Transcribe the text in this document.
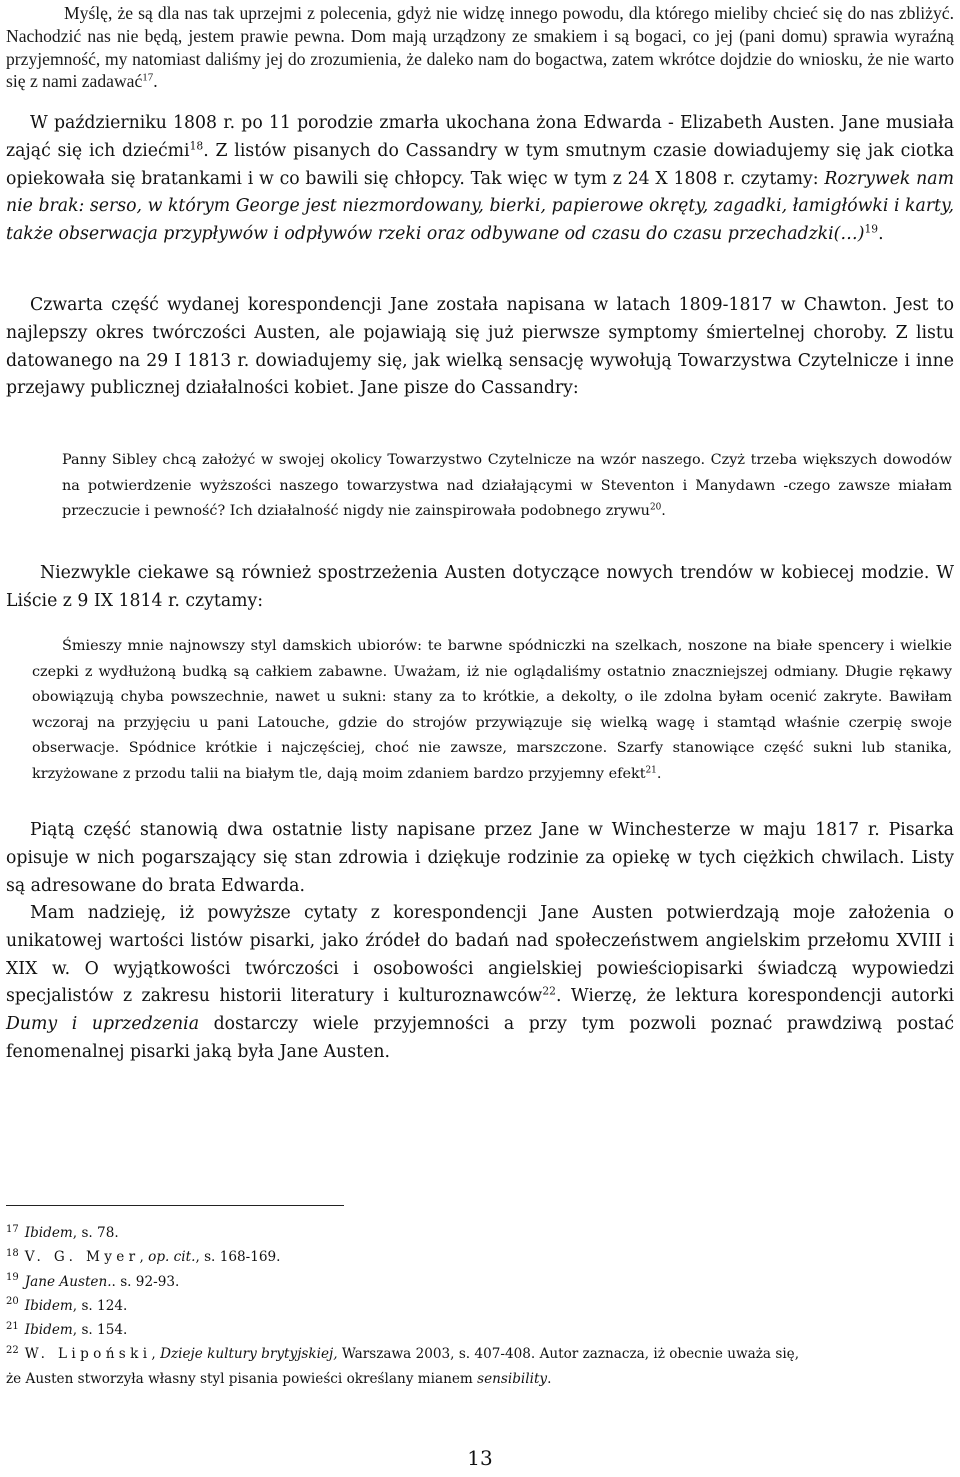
Myślę, że są dla nas tak uprzejmi z polecenia, gdyż nie widzę innego powodu, dla którego mieliby chcieć się do nas zbliżyć. Nachodzić nas nie będą, jestem prawie pewna. Dom mają urządzony ze smakiem i są bogaci, co jej (pani domu) sprawia wyraźną przyjemność, my natomiast daliśmy jej do zrozumienia, że daleko nam do bogactwa, zatem wkrótce dojdzie do wniosku, że nie warto się z nami zadawać$^{17}$.

W październiku 1808 r. po 11 porodzie zmarła ukochana żona Edwarda - Elizabeth Austen. Jane musiała zająć się ich dziećmi$^{18}$. Z listów pisanych do Cassandry w tym smutnym czasie dowiadujemy się jak ciotka opiekowała się bratankami i w co bawili się chłopcy. Tak więc w tym z 24 X 1808 r. czytamy: Rozrywek nam nie brak: serso, w którym George jest niezmordowany, bierki, papierowe okręty, zagadki, łamigłówki i karty, także obserwacja przypływów i odpływów rzeki oraz odbywane od czasu do czasu przechadzki(…)$^{19}$.

Czwarta część wydanej korespondencji Jane została napisana w latach 1809-1817 w Chawton. Jest to najlepszy okres twórczości Austen, ale pojawiają się już pierwsze symptomy śmiertelnej choroby. Z listu datowanego na 29 I 1813 r. dowiadujemy się, jak wielką sensację wywołują Towarzystwa Czytelnicze i inne przejawy publicznej działalności kobiet. Jane pisze do Cassandry:

Panny Sibley chcą założyć w swojej okolicy Towarzystwo Czytelnicze na wzór naszego. Czyż trzeba większych dowodów na potwierdzenie wyższości naszego towarzystwa nad działającymi w Steventon i Manydawn -czego zawsze miałam przeczucie i pewność? Ich działalność nigdy nie zainspirowała podobnego zrywu$^{20}$.

Niezwykle ciekawe są również spostrzeżenia Austen dotyczące nowych trendów w kobiecej modzie. W Liście z 9 IX 1814 r. czytamy:

Śmieszy mnie najnowszy styl damskich ubiorów: te barwne spódniczki na szelkach, noszone na białe spencery i wielkie czepki z wydłużoną budką są całkiem zabawne. Uważam, iż nie oglądaliśmy ostatnio znaczniejszej odmiany. Długie rękawy obowiązują chyba powszechnie, nawet u sukni: stany za to krótkie, a dekolty, o ile zdolna byłam ocenić zakryte. Bawiłam wczoraj na przyjęciu u pani Latouche, gdzie do strojów przywiązuje się wielką wagę i stamtąd właśnie czerpię swoje obserwacje. Spódnice krótkie i najczęściej, choć nie zawsze, marszczone. Szarfy stanowiące część sukni lub stanika, krzyżowane z przodu talii na białym tle, dają moim zdaniem bardzo przyjemny efekt$^{21}$.

Piątą część stanowią dwa ostatnie listy napisane przez Jane w Winchesterze w maju 1817 r. Pisarka opisuje w nich pogarszający się stan zdrowia i dziękuje rodzinie za opiekę w tych ciężkich chwilach. Listy są adresowane do brata Edwarda.

Mam nadzieję, iż powyższe cytaty z korespondencji Jane Austen potwierdzają moje założenia o unikatowej wartości listów pisarki, jako źródeł do badań nad społeczeństwem angielskim przełomu XVIII i XIX w. O wyjątkowości twórczości i osobowości angielskiej powieściopisarki świadczą wypowiedzi specjalistów z zakresu historii literatury i kulturoznawców$^{22}$. Wierzę, że lektura korespondencji autorki Dumy i uprzedzenia dostarczy wiele przyjemności a przy tym pozwoli poznać prawdziwą postać fenomenalnej pisarki jaką była Jane Austen.

$^{17}$ Ibidem, s. 78.
$^{18}$ V. G. Myer, op. cit., s. 168-169.
$^{19}$ Jane Austen.. s. 92-93.
$^{20}$ Ibidem, s. 124.
$^{21}$ Ibidem, s. 154.
$^{22}$ W. Lipoński, Dzieje kultury brytyjskiej, Warszawa 2003, s. 407-408. Autor zaznacza, iż obecnie uważa się,
że Austen stworzyła własny styl pisania powieści określany mianem sensibility.
13
